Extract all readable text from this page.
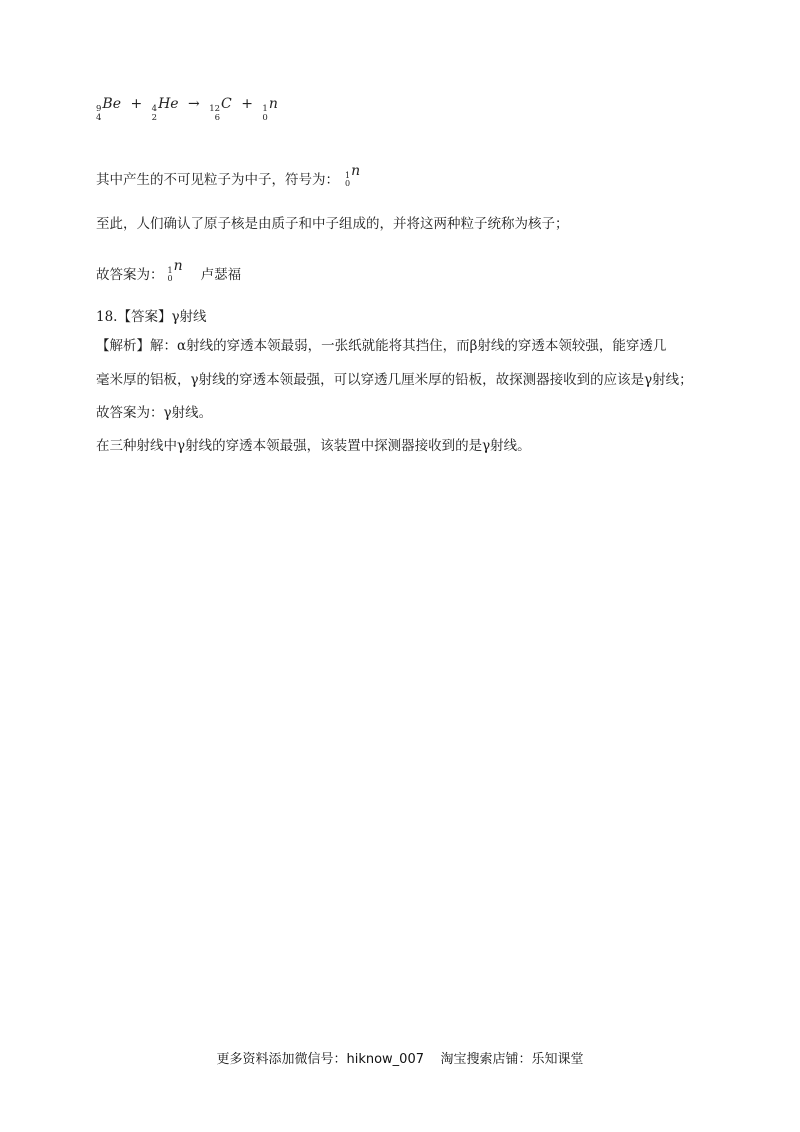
9
4
Be + 4
2
He → 12
6
C + 1
0
n
其中产生的不可见粒子为中子，符号为： 1
0
n
至此，人们确认了原子核是由质子和中子组成的，并将这两种粒子统称为核子；
故答案为： 1
0
n卢瑟福
18.【答案】γ射线
【解析】解：α射线的穿透本领最弱，一张纸就能将其挡住，而β射线的穿透本领较强，能穿透几
毫米厚的铝板，γ射线的穿透本领最强，可以穿透几厘米厚的铅板，故探测器接收到的应该是γ射线；
故答案为：γ射线。
在三种射线中γ射线的穿透本领最强，该装置中探测器接收到的是γ射线。
更多资料添加微信号：hiknow_007    淘宝搜索店铺：乐知课堂
